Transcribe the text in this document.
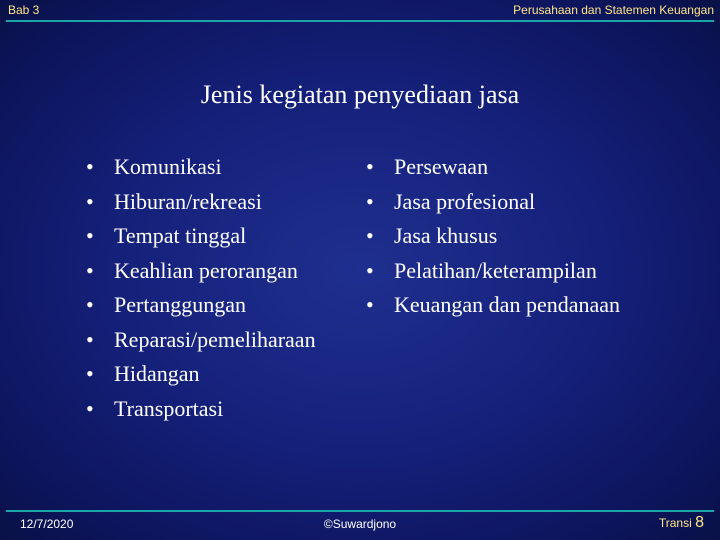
Bab 3	Perusahaan dan Statemen Keuangan
Jenis kegiatan penyediaan jasa
• Komunikasi
• Hiburan/rekreasi
• Tempat tinggal
• Keahlian perorangan
• Pertanggungan
• Reparasi/pemeliharaan
• Hidangan
• Transportasi
• Persewaan
• Jasa profesional
• Jasa khusus
• Pelatihan/keterampilan
• Keuangan dan pendanaan
12/7/2020	©Suwardjono	Transi 8
